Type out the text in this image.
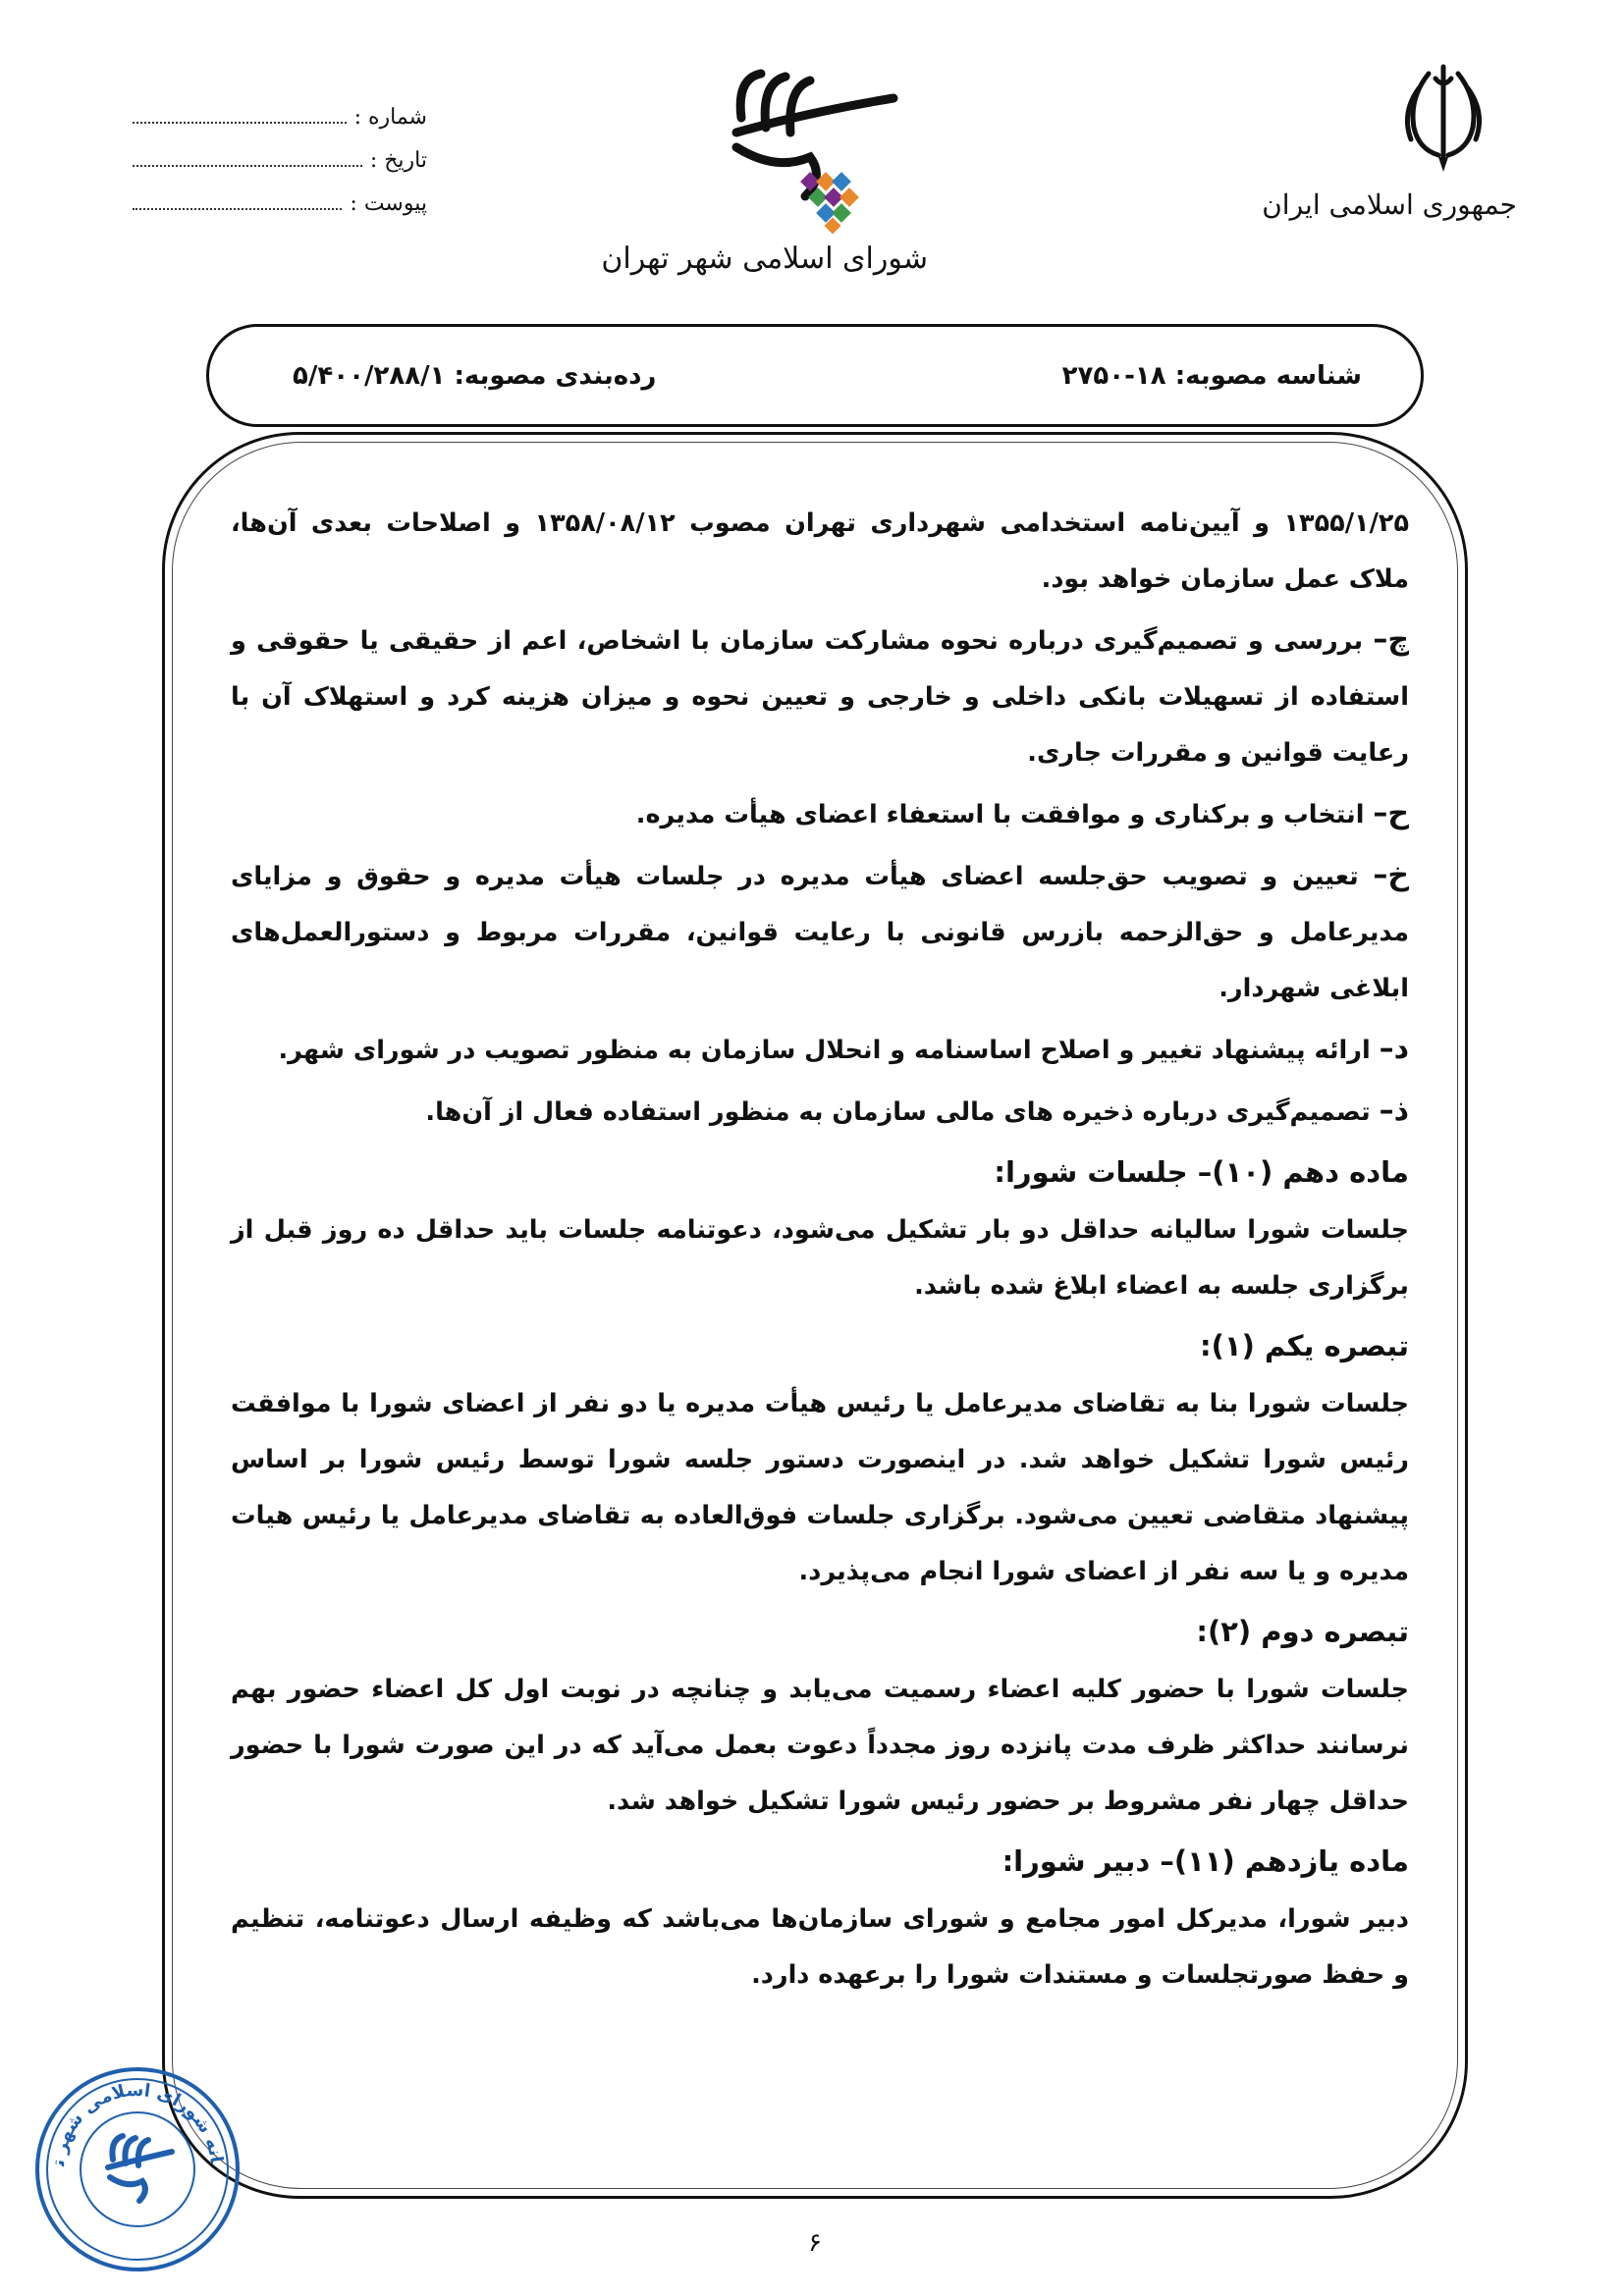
جمهوری اسلامی ایران
شورای اسلامی شهر تهران
شماره :
تاریخ :
پیوست :
شناسه مصوبه: ۱۸-۲۷۵۰
رده‌بندی مصوبه: ۵/۴۰۰/۲۸۸/۱

۱۳۵۵/۱/۲۵ و آیین‌نامه استخدامی شهرداری تهران مصوب ۱۳۵۸/۰۸/۱۲ و اصلاحات بعدی آن‌ها، ملاک عمل سازمان خواهد بود.

چ– بررسی و تصمیم‌گیری درباره نحوه مشارکت سازمان با اشخاص، اعم از حقیقی یا حقوقی و استفاده از تسهیلات بانکی داخلی و خارجی و تعیین نحوه و میزان هزینه کرد و استهلاک آن با رعایت قوانین و مقررات جاری.

ح– انتخاب و برکناری و موافقت با استعفاء اعضای هیأت مدیره.

خ– تعیین و تصویب حق‌جلسه اعضای هیأت مدیره در جلسات هیأت مدیره و حقوق و مزایای مدیرعامل و حق‌الزحمه بازرس قانونی با رعایت قوانین، مقررات مربوط و دستورالعمل‌های ابلاغی شهردار.

د– ارائه پیشنهاد تغییر و اصلاح اساسنامه و انحلال سازمان به منظور تصویب در شورای شهر.

ذ– تصمیم‌گیری درباره ذخیره های مالی سازمان به منظور استفاده فعال از آن‌ها.

ماده دهم (۱۰)– جلسات شورا:

جلسات شورا سالیانه حداقل دو بار تشکیل می‌شود، دعوتنامه جلسات باید حداقل ده روز قبل از برگزاری جلسه به اعضاء ابلاغ شده باشد.

تبصره یکم (۱):

جلسات شورا بنا به تقاضای مدیرعامل یا رئیس هیأت مدیره یا دو نفر از اعضای شورا با موافقت رئیس شورا تشکیل خواهد شد. در اینصورت دستور جلسه شورا توسط رئیس شورا بر اساس پیشنهاد متقاضی تعیین می‌شود. برگزاری جلسات فوق‌العاده به تقاضای مدیرعامل یا رئیس هیات مدیره و یا سه نفر از اعضای شورا انجام می‌پذیرد.

تبصره دوم (۲):

جلسات شورا با حضور کلیه اعضاء رسمیت می‌یابد و چنانچه در نوبت اول کل اعضاء حضور بهم نرسانند حداکثر ظرف مدت پانزده روز مجدداً دعوت بعمل می‌آید که در این صورت شورا با حضور حداقل چهار نفر مشروط بر حضور رئیس شورا تشکیل خواهد شد.

ماده یازدهم (۱۱)– دبیر شورا:

دبیر شورا، مدیرکل امور مجامع و شورای سازمان‌ها می‌باشد که وظیفه ارسال دعوتنامه، تنظیم و حفظ صورتجلسات و مستندات شورا را برعهده دارد.

انه شورای اسلامی شهر ت
۶
